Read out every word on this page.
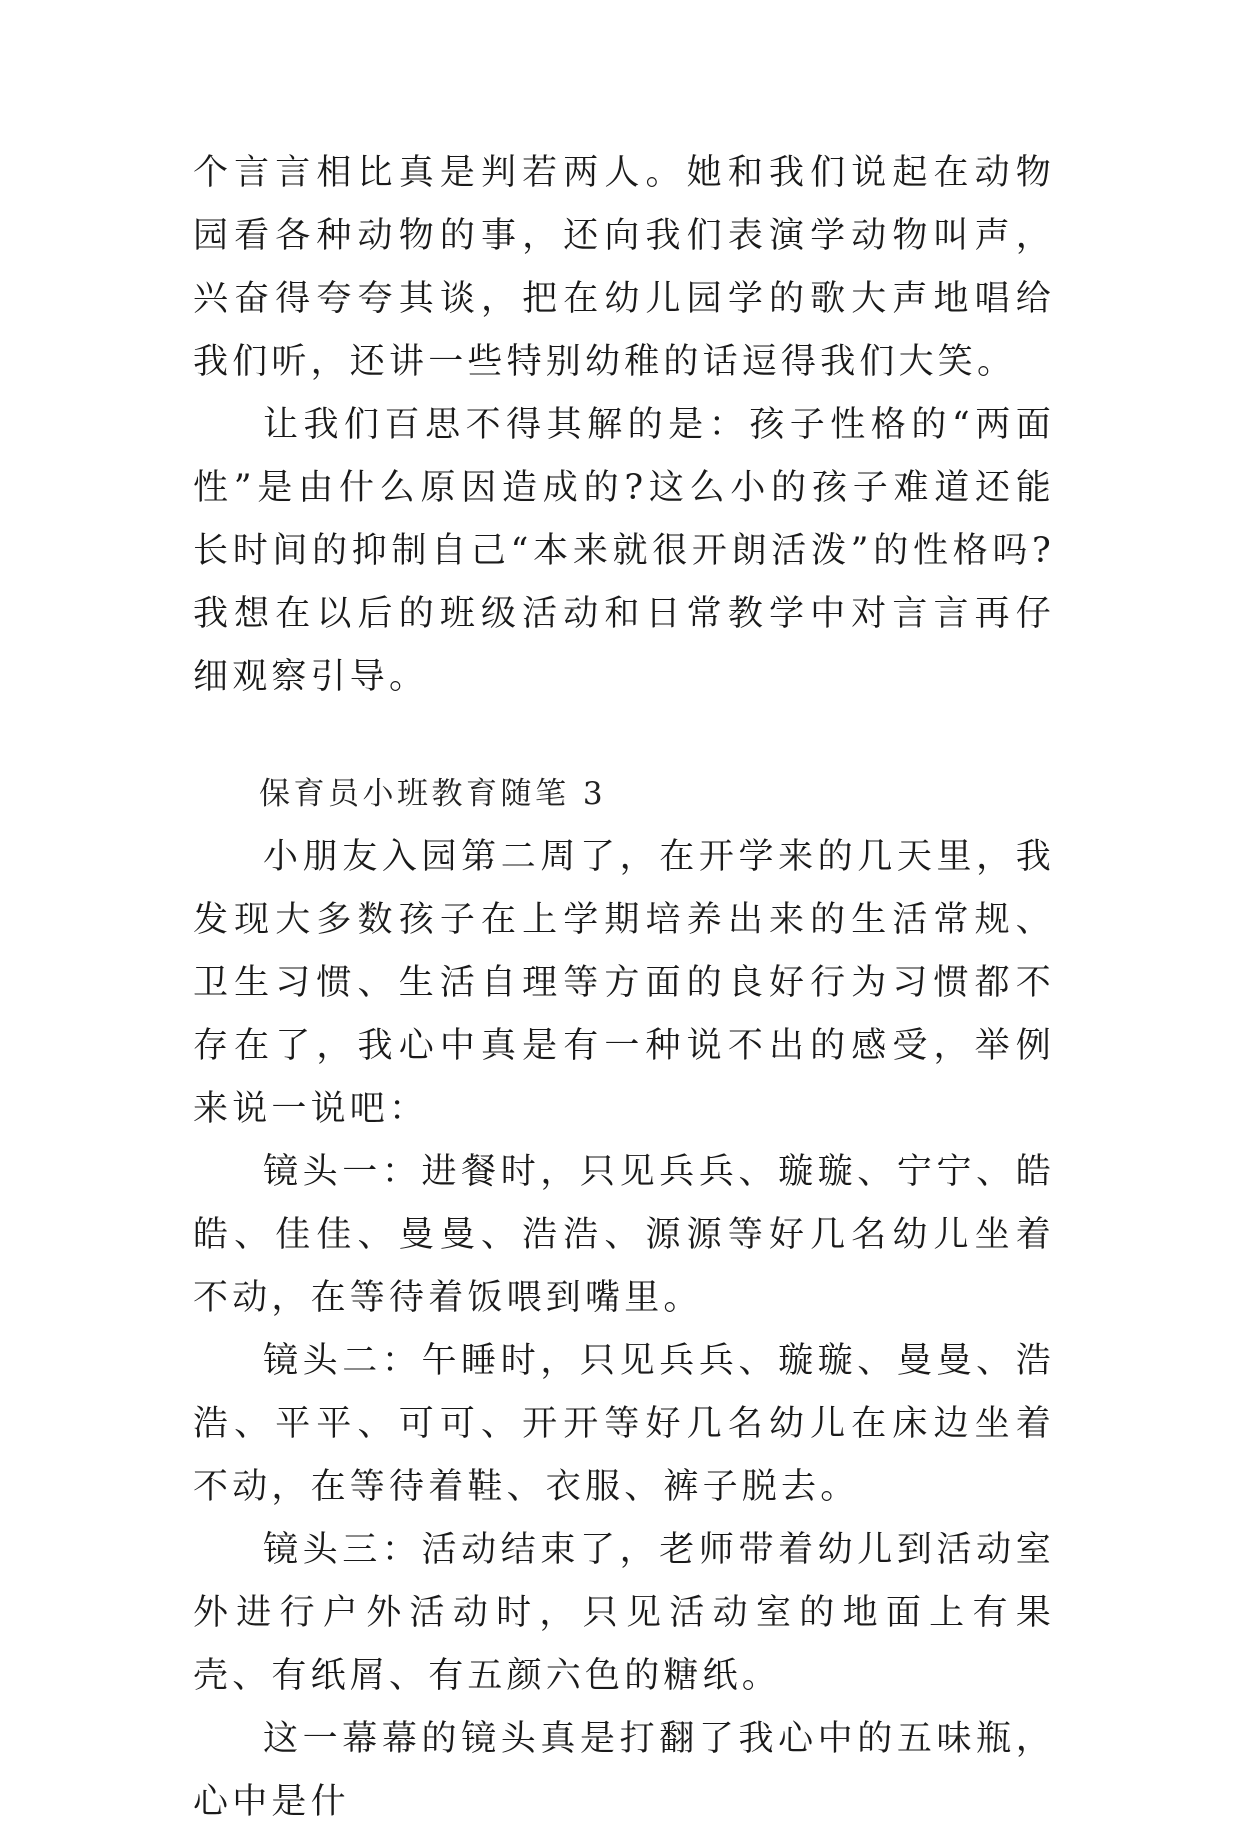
个言言相比真是判若两人。她和我们说起在动物园看各种动物的事，还向我们表演学动物叫声，兴奋得夸夸其谈，把在幼儿园学的歌大声地唱给我们听，还讲一些特别幼稚的话逗得我们大笑。

让我们百思不得其解的是：孩子性格的“两面性”是由什么原因造成的?这么小的孩子难道还能长时间的抑制自己“本来就很开朗活泼”的性格吗?我想在以后的班级活动和日常教学中对言言再仔细观察引导。

保育员小班教育随笔 3

小朋友入园第二周了，在开学来的几天里，我发现大多数孩子在上学期培养出来的生活常规、卫生习惯、生活自理等方面的良好行为习惯都不存在了，我心中真是有一种说不出的感受，举例来说一说吧：

镜头一：进餐时，只见兵兵、璇璇、宁宁、皓皓、佳佳、曼曼、浩浩、源源等好几名幼儿坐着不动，在等待着饭喂到嘴里。

镜头二：午睡时，只见兵兵、璇璇、曼曼、浩浩、平平、可可、开开等好几名幼儿在床边坐着不动，在等待着鞋、衣服、裤子脱去。

镜头三：活动结束了，老师带着幼儿到活动室外进行户外活动时，只见活动室的地面上有果壳、有纸屑、有五颜六色的糖纸。

这一幕幕的镜头真是打翻了我心中的五味瓶，心中是什
